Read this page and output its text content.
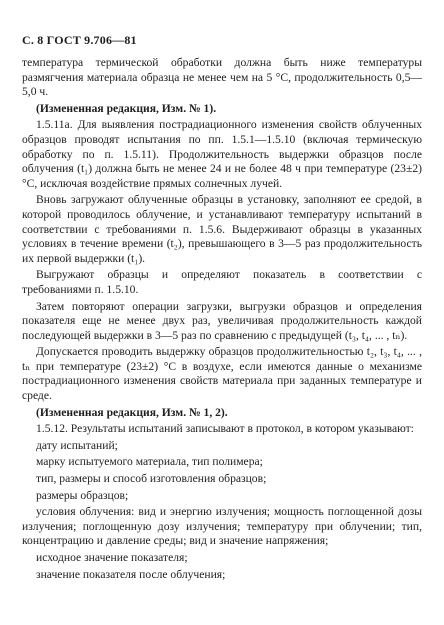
С. 8 ГОСТ 9.706—81

температура термической обработки должна быть ниже температуры размягчения материала образца не менее чем на 5 °С, продолжительность 0,5—5,0 ч.

(Измененная редакция, Изм. № 1).

1.5.11а. Для выявления пострадиационного изменения свойств облученных образцов проводят испытания по пп. 1.5.1—1.5.10 (включая термическую обработку по п. 1.5.11). Продолжительность выдержки образцов после облучения (t₁) должна быть не менее 24 и не более 48 ч при температуре (23±2) °С, исключая воздействие прямых солнечных лучей.

Вновь загружают облученные образцы в установку, заполняют ее средой, в которой проводилось облучение, и устанавливают температуру испытаний в соответствии с требованиями п. 1.5.6. Выдерживают образцы в указанных условиях в течение времени (t₂), превышающего в 3—5 раз продолжительность их первой выдержки (t₁).

Выгружают образцы и определяют показатель в соответствии с требованиями п. 1.5.10.

Затем повторяют операции загрузки, выгрузки образцов и определения показателя еще не менее двух раз, увеличивая продолжительность каждой последующей выдержки в 3—5 раз по сравнению с предыдущей (t₃, t₄, ... , tₙ).

Допускается проводить выдержку образцов продолжительностью t₂, t₃, t₄, ... , tₙ при температуре (23±2) °С в воздухе, если имеются данные о механизме пострадиационного изменения свойств материала при заданных температуре и среде.

(Измененная редакция, Изм. № 1, 2).

1.5.12. Результаты испытаний записывают в протокол, в котором указывают:

дату испытаний;

марку испытуемого материала, тип полимера;

тип, размеры и способ изготовления образцов;

размеры образцов;

условия облучения: вид и энергию излучения; мощность поглощенной дозы излучения; поглощенную дозу излучения; температуру при облучении; тип, концентрацию и давление среды; вид и значение напряжения;

исходное значение показателя;

значение показателя после облучения;
